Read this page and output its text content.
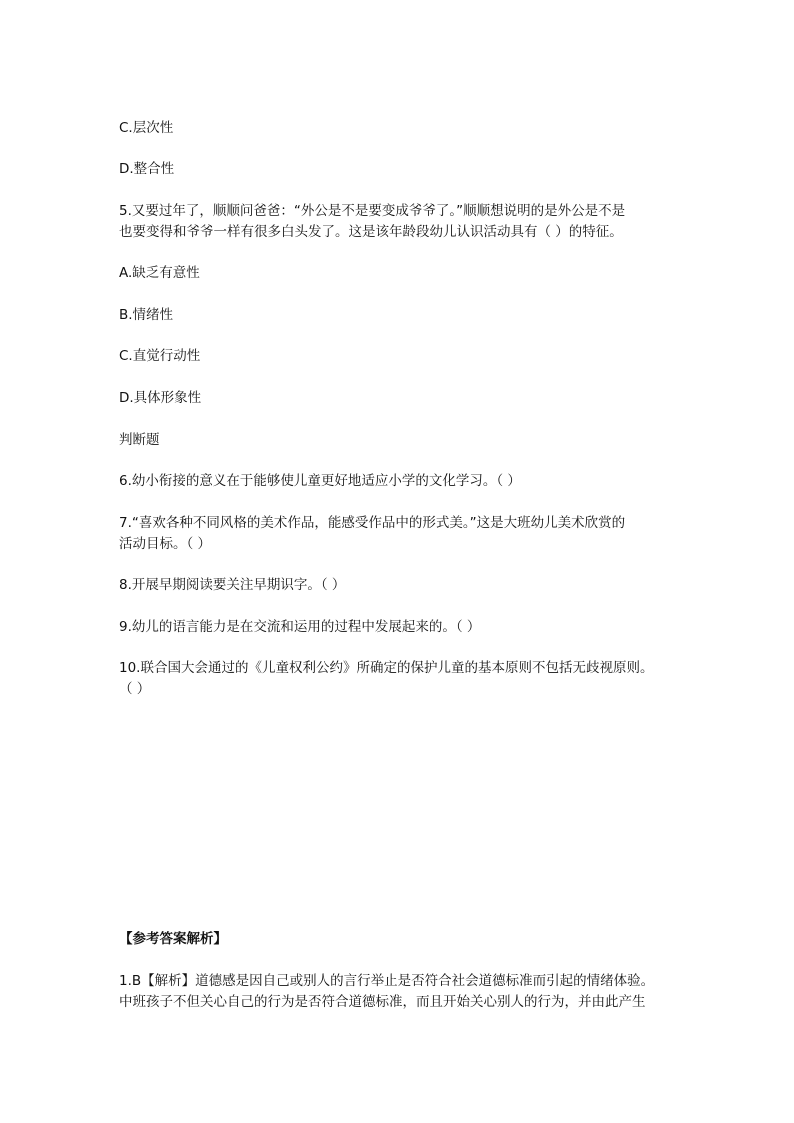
C.层次性
D.整合性
5.又要过年了，顺顺问爸爸：“外公是不是要变成爷爷了。”顺顺想说明的是外公是不是
也要变得和爷爷一样有很多白头发了。这是该年龄段幼儿认识活动具有（ ）的特征。
A.缺乏有意性
B.情绪性
C.直觉行动性
D.具体形象性
判断题
6.幼小衔接的意义在于能够使儿童更好地适应小学的文化学习。（ ）
7.“喜欢各种不同风格的美术作品，能感受作品中的形式美。”这是大班幼儿美术欣赏的
活动目标。（ ）
8.开展早期阅读要关注早期识字。（ ）
9.幼儿的语言能力是在交流和运用的过程中发展起来的。（ ）
10.联合国大会通过的《儿童权利公约》所确定的保护儿童的基本原则不包括无歧视原则。
（ ）
【参考答案解析】
1.B【解析】道德感是因自己或别人的言行举止是否符合社会道德标准而引起的情绪体验。
中班孩子不但关心自己的行为是否符合道德标准，而且开始关心别人的行为，并由此产生
